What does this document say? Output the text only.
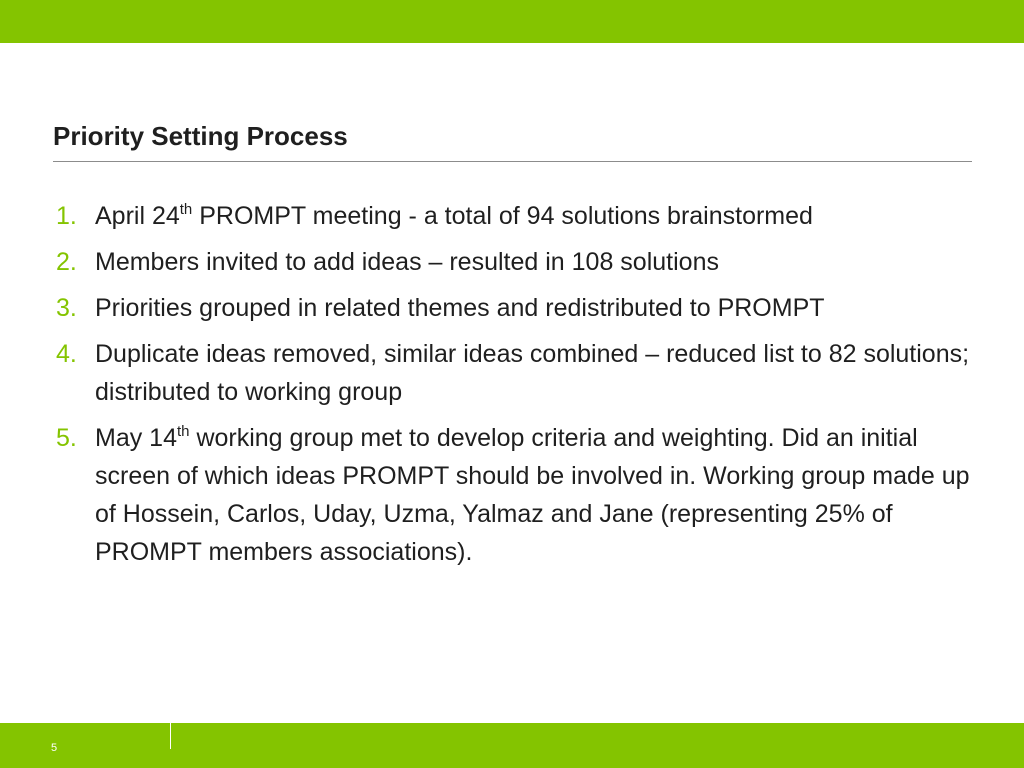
Priority Setting Process
1. April 24th PROMPT meeting - a total of 94 solutions brainstormed
2. Members invited to add ideas – resulted in 108 solutions
3. Priorities grouped in related themes and redistributed to PROMPT
4. Duplicate ideas removed, similar ideas combined – reduced list to 82 solutions; distributed to working group
5. May 14th working group met to develop criteria and weighting. Did an initial screen of which ideas PROMPT should be involved in. Working group made up of Hossein, Carlos, Uday, Uzma, Yalmaz and Jane (representing 25% of PROMPT members associations).
5
